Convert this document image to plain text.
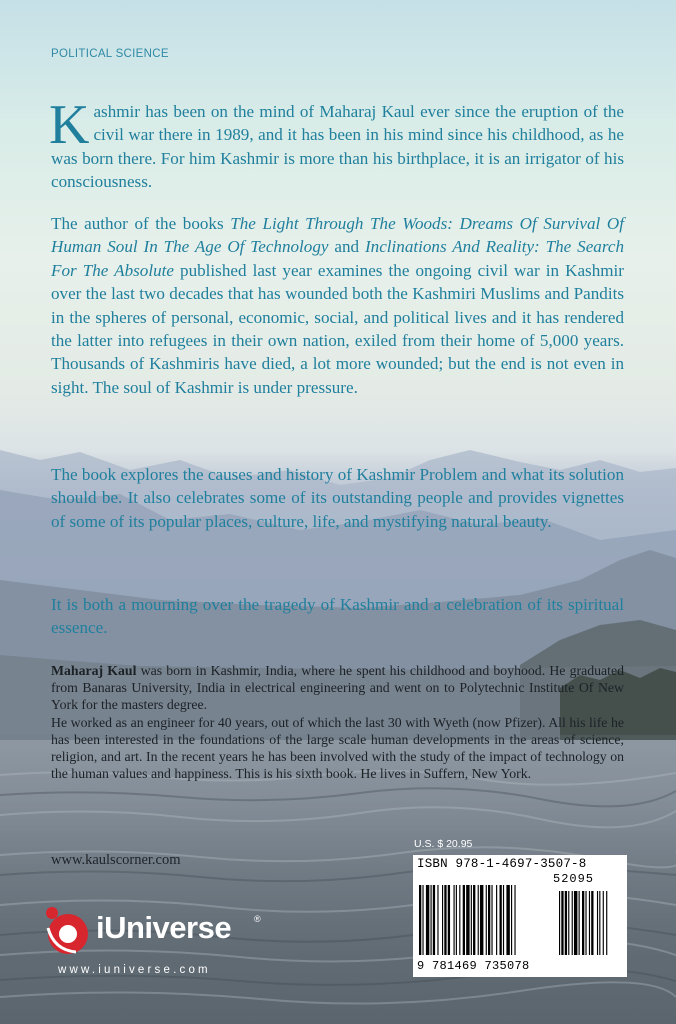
POLITICAL SCIENCE

Kashmir has been on the mind of Maharaj Kaul ever since the eruption of the civil war there in 1989, and it has been in his mind since his childhood, as he was born there. For him Kashmir is more than his birthplace, it is an irrigator of his consciousness.

The author of the books The Light Through The Woods: Dreams Of Survival Of Human Soul In The Age Of Technology and Inclinations And Reality: The Search For The Absolute published last year examines the ongoing civil war in Kashmir over the last two decades that has wounded both the Kashmiri Muslims and Pandits in the spheres of personal, economic, social, and political lives and it has rendered the latter into refugees in their own nation, exiled from their home of 5,000 years. Thousands of Kashmiris have died, a lot more wounded; but the end is not even in sight. The soul of Kashmir is under pressure.

The book explores the causes and history of Kashmir Problem and what its solution should be. It also celebrates some of its outstanding people and provides vignettes of some of its popular places, culture, life, and mystifying natural beauty.

It is both a mourning over the tragedy of Kashmir and a celebration of its spiritual essence.

Maharaj Kaul was born in Kashmir, India, where he spent his childhood and boyhood. He graduated from Banaras University, India in electrical engineering and went on to Polytechnic Institute Of New York for the masters degree.

He worked as an engineer for 40 years, out of which the last 30 with Wyeth (now Pfizer). All his life he has been interested in the foundations of the large scale human developments in the areas of science, religion, and art. In the recent years he has been involved with the study of the impact of technology on the human values and happiness. This is his sixth book. He lives in Suffern, New York.

www.kaulscorner.com

iUniverse	®

www.iuniverse.com

U.S. $ 20.95

ISBN 978-1-4697-3507-8

52095

9 781469 735078
